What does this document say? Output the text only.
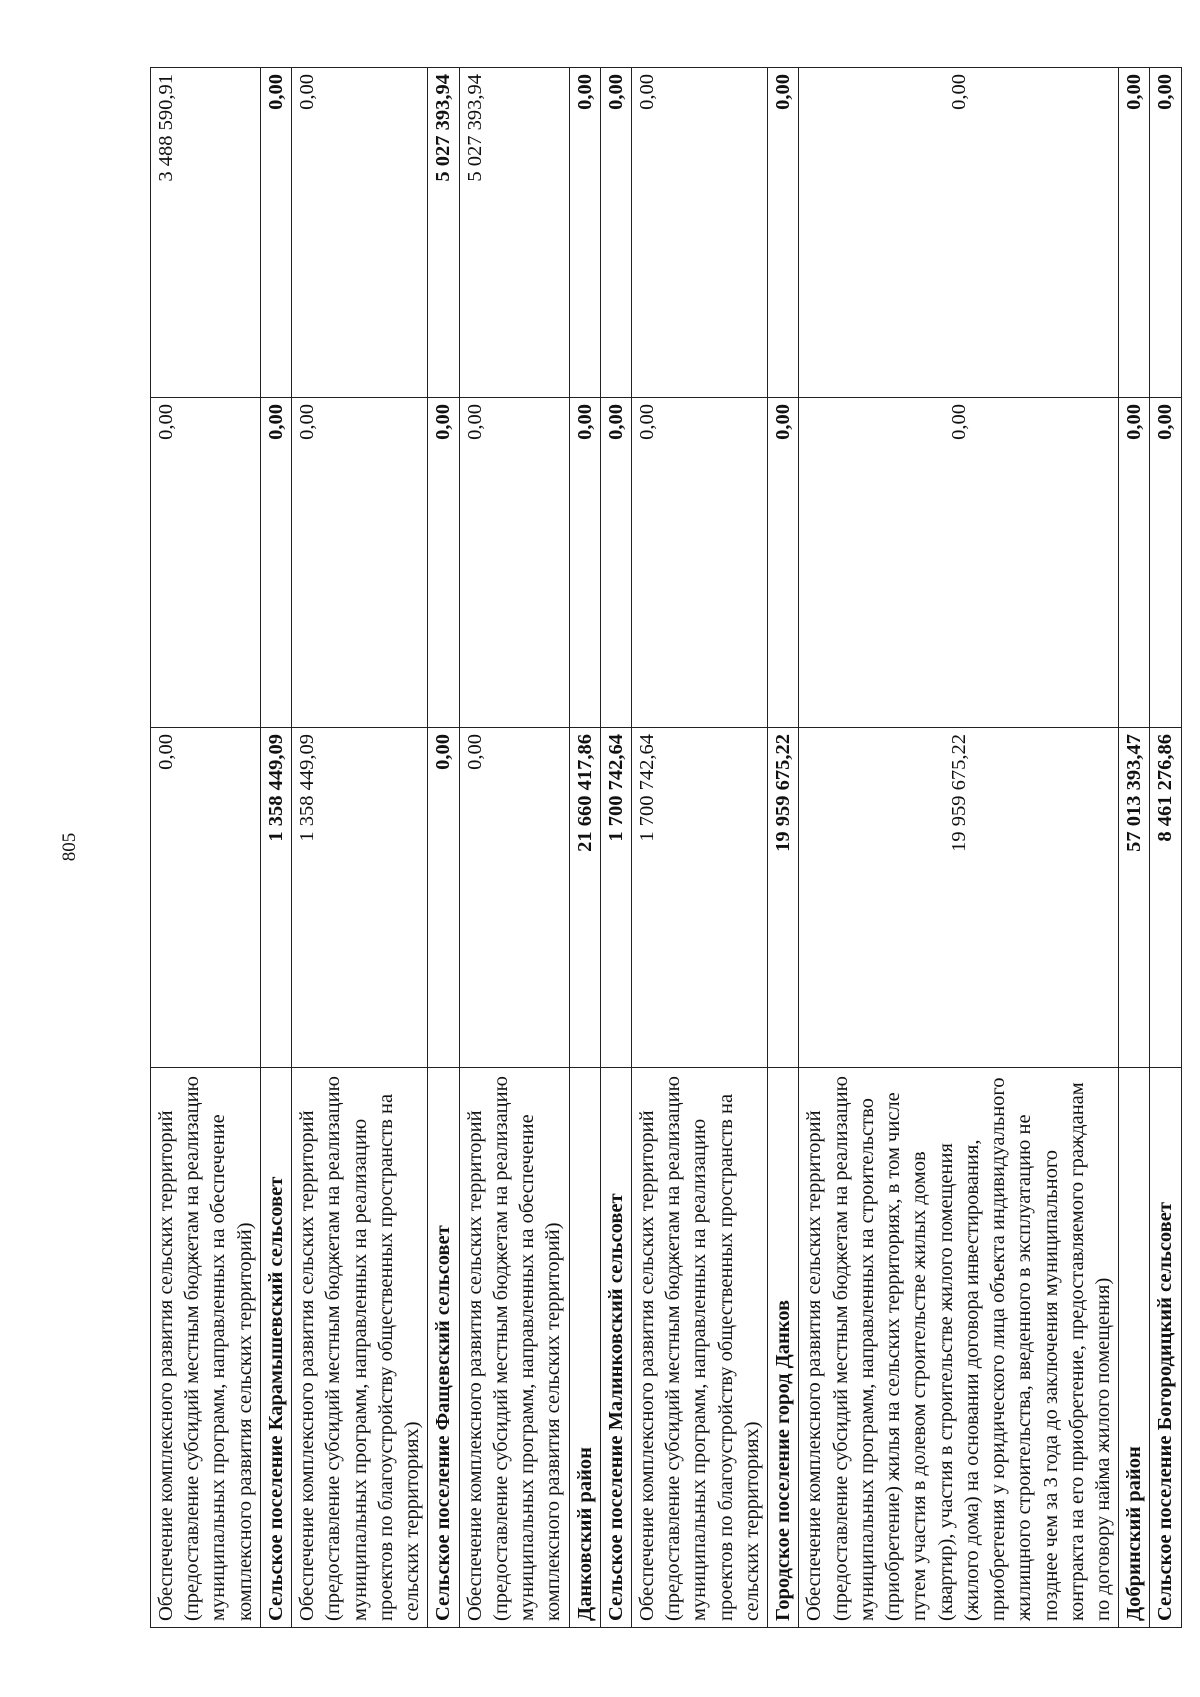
805
Обеспечение комплексного развития сельских территорий (предоставление субсидий местным бюджетам на реализацию муниципальных программ, направленных на обеспечение комплексного развития сельских территорий)	0,00	0,00	3 488 590,91
Сельское поселение Карамышевский сельсовет	1 358 449,09	0,00	0,00
Обеспечение комплексного развития сельских территорий (предоставление субсидий местным бюджетам на реализацию муниципальных программ, направленных на реализацию проектов по благоустройству общественных пространств на сельских территориях)	1 358 449,09	0,00	0,00
Сельское поселение Фащевский сельсовет	0,00	0,00	5 027 393,94
Обеспечение комплексного развития сельских территорий (предоставление субсидий местным бюджетам на реализацию муниципальных программ, направленных на обеспечение комплексного развития сельских территорий)	0,00	0,00	5 027 393,94
Данковский район	21 660 417,86	0,00	0,00
Сельское поселение Малинковский сельсовет	1 700 742,64	0,00	0,00
Обеспечение комплексного развития сельских территорий (предоставление субсидий местным бюджетам на реализацию муниципальных программ, направленных на реализацию проектов по благоустройству общественных пространств на сельских территориях)	1 700 742,64	0,00	0,00
Городское поселение город Данков	19 959 675,22	0,00	0,00
Обеспечение комплексного развития сельских территорий (предоставление субсидий местным бюджетам на реализацию муниципальных программ, направленных на строительство (приобретение) жилья на сельских территориях, в том числе путем участия в долевом строительстве жилых домов (квартир), участия в строительстве жилого помещения (жилого дома) на основании договора инвестирования, приобретения у юридического лица объекта индивидуального жилищного строительства, введенного в эксплуатацию не позднее чем за 3 года до заключения муниципального контракта на его приобретение, предоставляемого гражданам по договору найма жилого помещения)	19 959 675,22	0,00	0,00
Добринский район	57 013 393,47	0,00	0,00
Сельское поселение Богородицкий сельсовет	8 461 276,86	0,00	0,00
